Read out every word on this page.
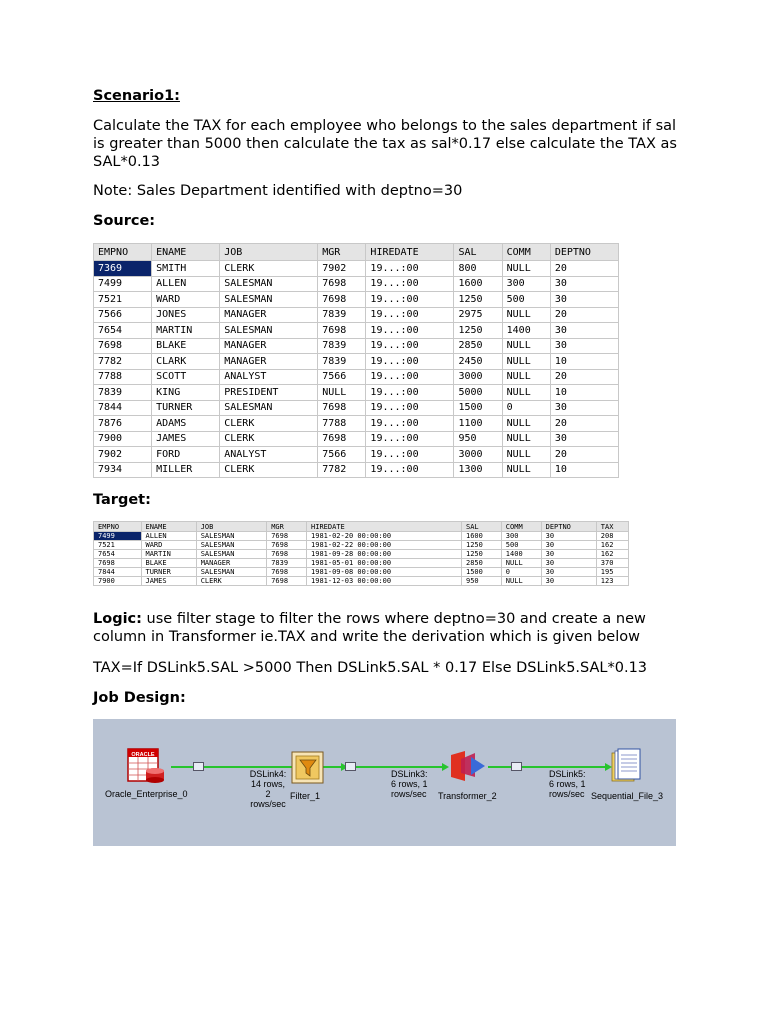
Scenario1:

Calculate the TAX for each employee who belongs to the sales department if sal

is greater than 5000 then calculate the tax as sal*0.17 else calculate the TAX as

SAL*0.13

Note: Sales Department identified with deptno=30

Source:

EMPNO	ENAME	JOB	MGR	HIREDATE	SAL	COMM	DEPTNO
7369	SMITH	CLERK	7902	19...:00	800	NULL	20
7499	ALLEN	SALESMAN	7698	19...:00	1600	300	30
7521	WARD	SALESMAN	7698	19...:00	1250	500	30
7566	JONES	MANAGER	7839	19...:00	2975	NULL	20
7654	MARTIN	SALESMAN	7698	19...:00	1250	1400	30
7698	BLAKE	MANAGER	7839	19...:00	2850	NULL	30
7782	CLARK	MANAGER	7839	19...:00	2450	NULL	10
7788	SCOTT	ANALYST	7566	19...:00	3000	NULL	20
7839	KING	PRESIDENT	NULL	19...:00	5000	NULL	10
7844	TURNER	SALESMAN	7698	19...:00	1500	0	30
7876	ADAMS	CLERK	7788	19...:00	1100	NULL	20
7900	JAMES	CLERK	7698	19...:00	950	NULL	30
7902	FORD	ANALYST	7566	19...:00	3000	NULL	20
7934	MILLER	CLERK	7782	19...:00	1300	NULL	10

Target:

EMPNO	ENAME	JOB	MGR	HIREDATE	SAL	COMM	DEPTNO	TAX
7499	ALLEN	SALESMAN	7698	1981-02-20 00:00:00	1600	300	30	208
7521	WARD	SALESMAN	7698	1981-02-22 00:00:00	1250	500	30	162
7654	MARTIN	SALESMAN	7698	1981-09-28 00:00:00	1250	1400	30	162
7698	BLAKE	MANAGER	7839	1981-05-01 00:00:00	2850	NULL	30	370
7844	TURNER	SALESMAN	7698	1981-09-08 00:00:00	1500	0	30	195
7900	JAMES	CLERK	7698	1981-12-03 00:00:00	950	NULL	30	123

Logic: use filter stage to filter the rows where deptno=30 and create a new

column in Transformer ie.TAX and write the derivation which is given below

TAX=If DSLink5.SAL >5000 Then DSLink5.SAL * 0.17 Else DSLink5.SAL*0.13

Job Design:

ORACLE
Oracle_Enterprise_0	Filter_1	Transformer_2	Sequential_File_3
DSLink4:
14 rows,
2
rows/sec
DSLink3:
6 rows, 1
rows/sec
DSLink5:
6 rows, 1
rows/sec
